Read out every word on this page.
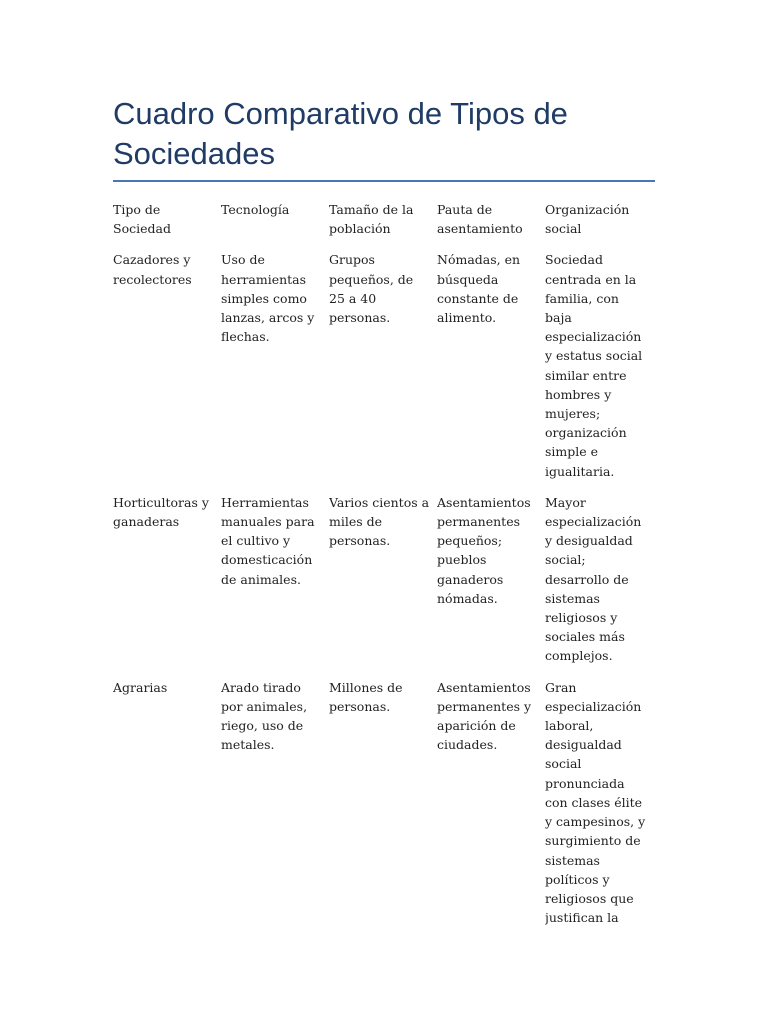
Cuadro Comparativo de Tipos de Sociedades
Tipo de Sociedad	Tecnología	Tamaño de la población	Pauta de asentamiento	Organización social

Cazadores y recolectores	Uso de herramientas simples como lanzas, arcos y flechas.	Grupos pequeños, de 25 a 40 personas.	Nómadas, en búsqueda constante de alimento.	Sociedad centrada en la familia, con baja especialización y estatus social similar entre hombres y mujeres; organización simple e igualitaria.

Horticultoras y ganaderas	Herramientas manuales para el cultivo y domesticación de animales.	Varios cientos a miles de personas.	Asentamientos permanentes pequeños; pueblos ganaderos nómadas.	Mayor especialización y desigualdad social; desarrollo de sistemas religiosos y sociales más complejos.

Agrarias	Arado tirado por animales, riego, uso de metales.	Millones de personas.	Asentamientos permanentes y aparición de ciudades.	Gran especialización laboral, desigualdad social pronunciada con clases élite y campesinos, y surgimiento de sistemas políticos y religiosos que justifican la
